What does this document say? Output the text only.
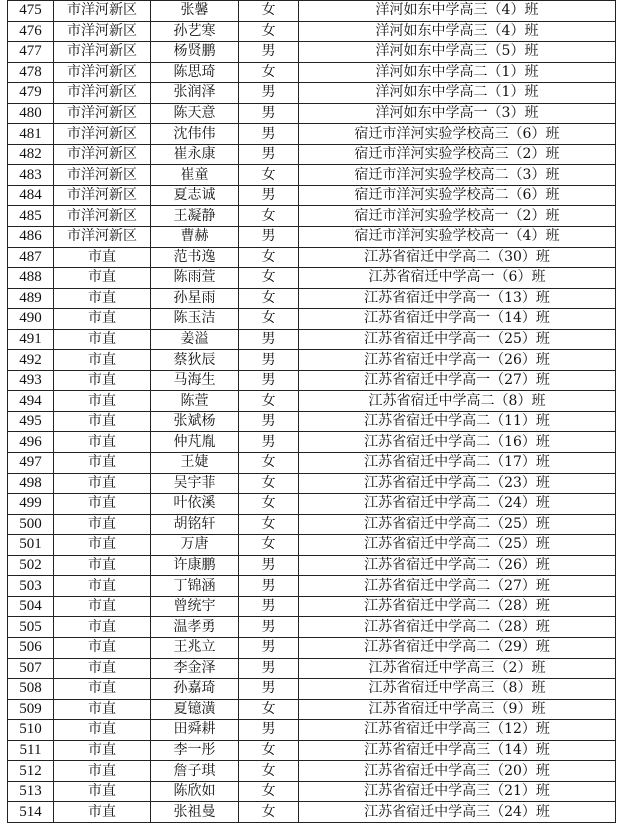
475	市洋河新区	张馨	女	洋河如东中学高三（4）班
476	市洋河新区	孙艺寒	女	洋河如东中学高三（4）班
477	市洋河新区	杨贤鹏	男	洋河如东中学高三（5）班
478	市洋河新区	陈思琦	女	洋河如东中学高二（1）班
479	市洋河新区	张润泽	男	洋河如东中学高二（1）班
480	市洋河新区	陈天意	男	洋河如东中学高一（3）班
481	市洋河新区	沈伟伟	男	宿迁市洋河实验学校高三（6）班
482	市洋河新区	崔永康	男	宿迁市洋河实验学校高三（2）班
483	市洋河新区	崔童	女	宿迁市洋河实验学校高二（3）班
484	市洋河新区	夏志诚	男	宿迁市洋河实验学校高二（6）班
485	市洋河新区	王凝静	女	宿迁市洋河实验学校高一（2）班
486	市洋河新区	曹赫	男	宿迁市洋河实验学校高一（4）班
487	市直	范书逸	女	江苏省宿迁中学高二（30）班
488	市直	陈雨萱	女	江苏省宿迁中学高一（6）班
489	市直	孙星雨	女	江苏省宿迁中学高一（13）班
490	市直	陈玉洁	女	江苏省宿迁中学高一（14）班
491	市直	姜溢	男	江苏省宿迁中学高一（25）班
492	市直	蔡狄辰	男	江苏省宿迁中学高一（26）班
493	市直	马海生	男	江苏省宿迁中学高一（27）班
494	市直	陈萱	女	江苏省宿迁中学高二（8）班
495	市直	张斌杨	男	江苏省宿迁中学高二（11）班
496	市直	仲芃胤	男	江苏省宿迁中学高二（16）班
497	市直	王婕	女	江苏省宿迁中学高二（17）班
498	市直	吴宇菲	女	江苏省宿迁中学高二（23）班
499	市直	叶依溪	女	江苏省宿迁中学高二（24）班
500	市直	胡铭轩	女	江苏省宿迁中学高二（25）班
501	市直	万唐	女	江苏省宿迁中学高二（25）班
502	市直	许康鹏	男	江苏省宿迁中学高二（26）班
503	市直	丁锦涵	男	江苏省宿迁中学高二（27）班
504	市直	曾统宇	男	江苏省宿迁中学高二（28）班
505	市直	温孝勇	男	江苏省宿迁中学高二（28）班
506	市直	王兆立	男	江苏省宿迁中学高二（29）班
507	市直	李金泽	男	江苏省宿迁中学高三（2）班
508	市直	孙嘉琦	男	江苏省宿迁中学高三（8）班
509	市直	夏镱潢	女	江苏省宿迁中学高三（9）班
510	市直	田舜耕	男	江苏省宿迁中学高三（12）班
511	市直	李一彤	女	江苏省宿迁中学高三（14）班
512	市直	詹子琪	女	江苏省宿迁中学高三（20）班
513	市直	陈欣如	女	江苏省宿迁中学高三（21）班
514	市直	张祖曼	女	江苏省宿迁中学高三（24）班
